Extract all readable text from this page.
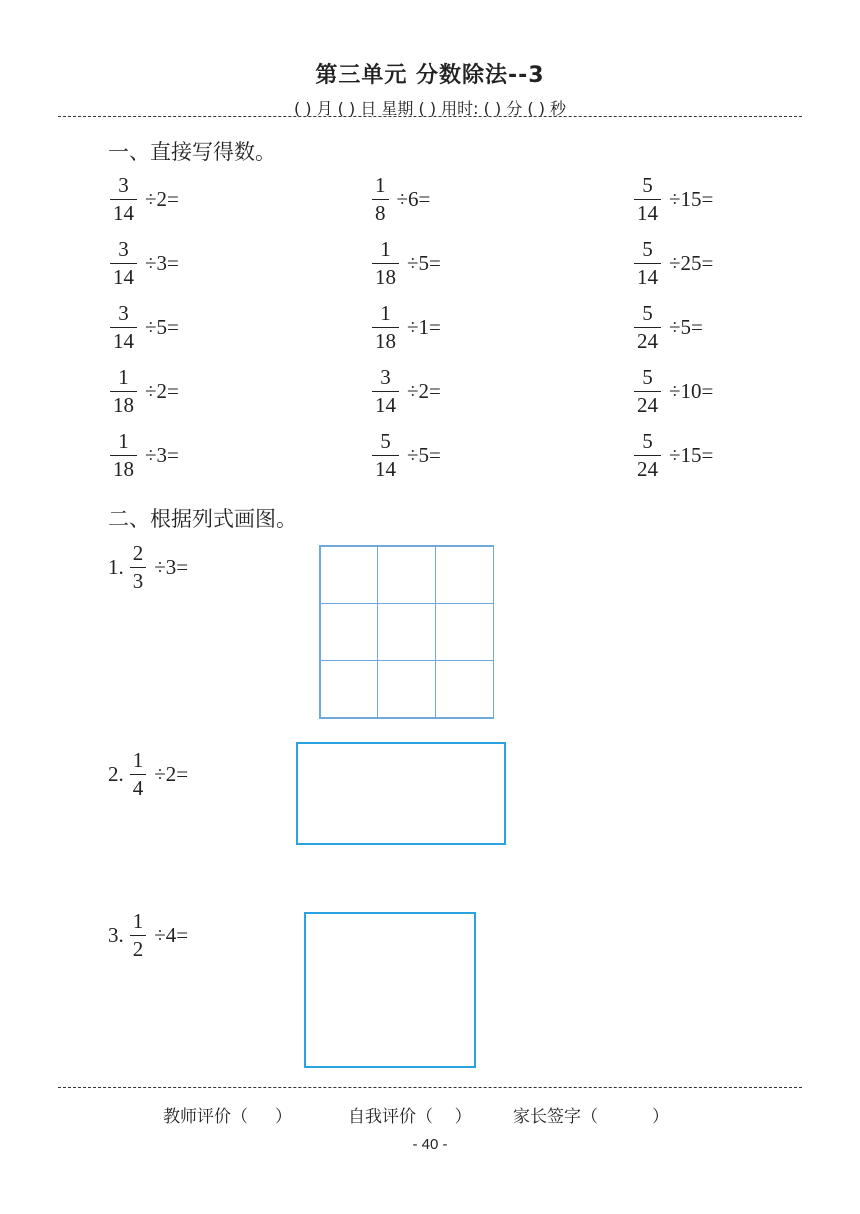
第三单元 分数除法--3
( ) 月 ( ) 日 星期 ( ) 用时: ( ) 分 ( ) 秒
一、直接写得数。
$\frac{3}{14} \div 2=$	$\frac{1}{8} \div 6=$	$\frac{5}{14} \div 15=$
$\frac{3}{14} \div 3=$	$\frac{1}{18} \div 5=$	$\frac{5}{14} \div 25=$
$\frac{3}{14} \div 5=$	$\frac{1}{18} \div 1=$	$\frac{5}{24} \div 5=$
$\frac{1}{18} \div 2=$	$\frac{3}{14} \div 2=$	$\frac{5}{24} \div 10=$
$\frac{1}{18} \div 3=$	$\frac{5}{14} \div 5=$	$\frac{5}{24} \div 15=$
二、根据列式画图。
1. $\frac{2}{3} \div 3=$
2. $\frac{1}{4} \div 2=$
3. $\frac{1}{2} \div 4=$
教师评价（     ）	自我评价（    ） 家长签字（          ）
- 40 -
